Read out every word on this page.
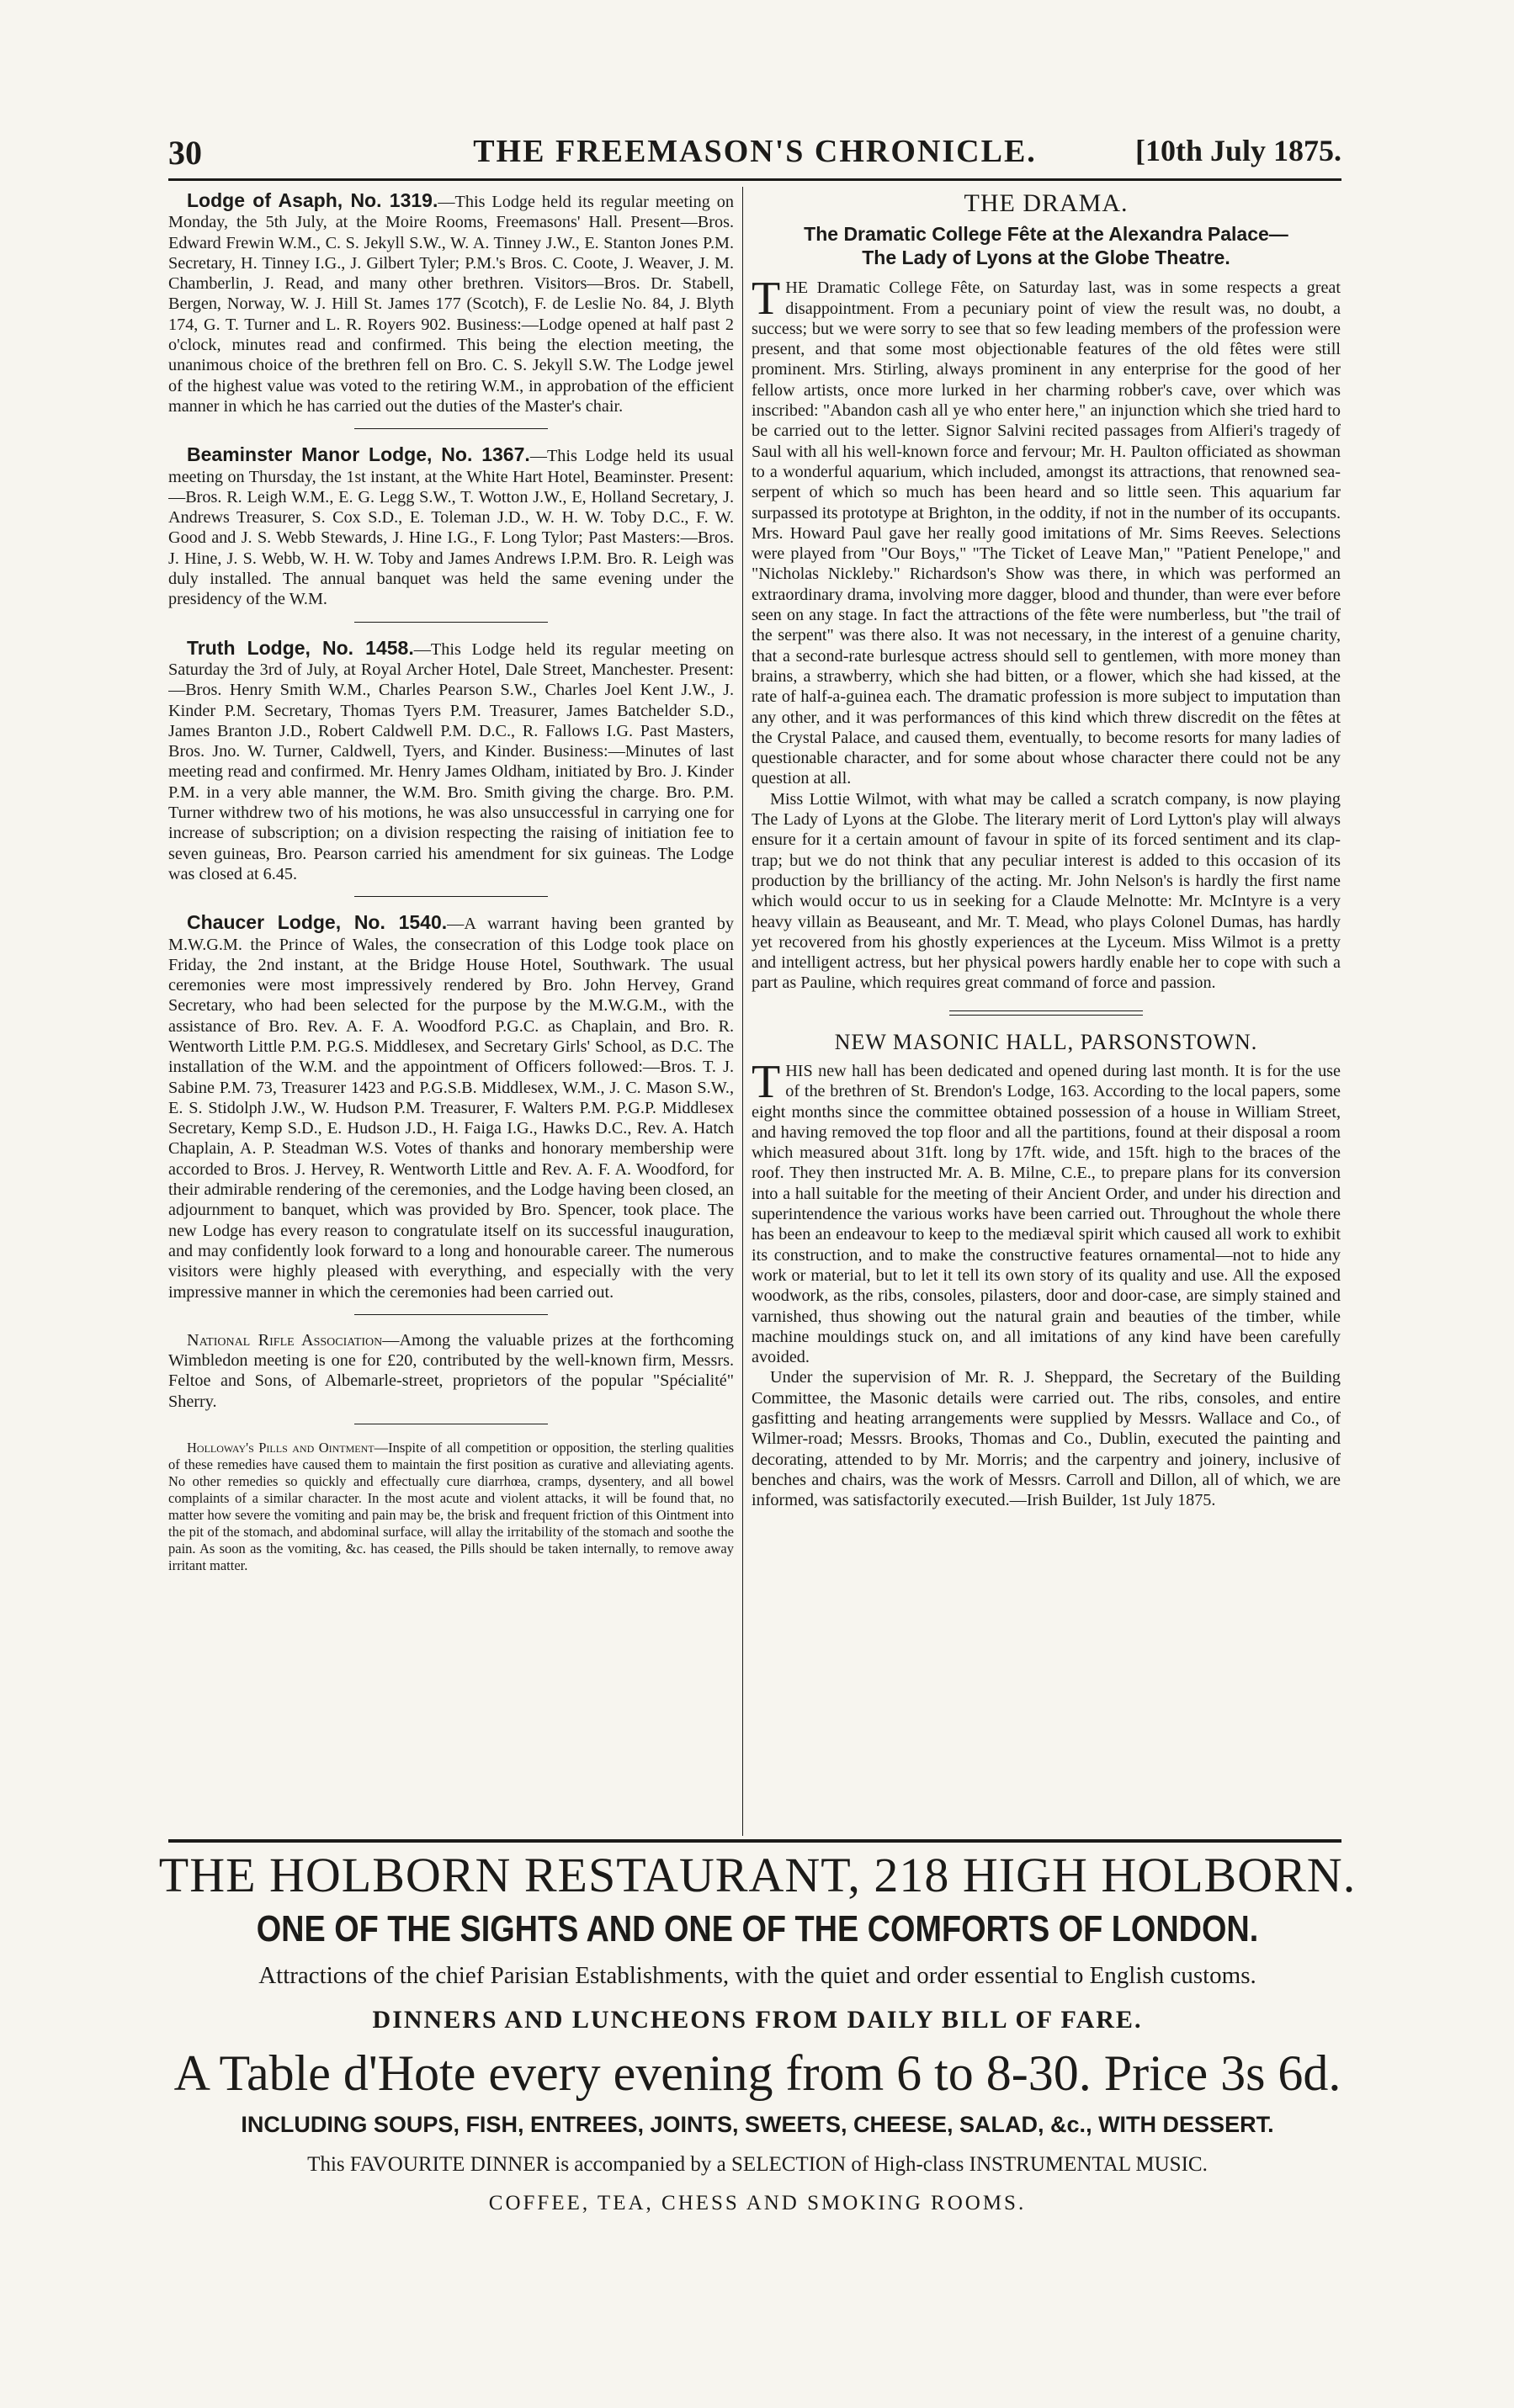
30	THE FREEMASON'S CHRONICLE.	[10th July 1875.

Lodge of Asaph, No. 1319.—This Lodge held its regular meeting on Monday, the 5th July, at the Moire Rooms, Freemasons' Hall. Present—Bros. Edward Frewin W.M., C. S. Jekyll S.W., W. A. Tinney J.W., E. Stanton Jones P.M. Secretary, H. Tinney I.G., J. Gilbert Tyler; P.M.'s Bros. C. Coote, J. Weaver, J. M. Chamberlin, J. Read, and many other brethren. Visitors—Bros. Dr. Stabell, Bergen, Norway, W. J. Hill St. James 177 (Scotch), F. de Leslie No. 84, J. Blyth 174, G. T. Turner and L. R. Royers 902. Business:—Lodge opened at half past 2 o'clock, minutes read and confirmed. This being the election meeting, the unanimous choice of the brethren fell on Bro. C. S. Jekyll S.W. The Lodge jewel of the highest value was voted to the retiring W.M., in approbation of the efficient manner in which he has carried out the duties of the Master's chair.

Beaminster Manor Lodge, No. 1367.—This Lodge held its usual meeting on Thursday, the 1st instant, at the White Hart Hotel, Beaminster. Present:—Bros. R. Leigh W.M., E. G. Legg S.W., T. Wotton J.W., E, Holland Secretary, J. Andrews Treasurer, S. Cox S.D., E. Toleman J.D., W. H. W. Toby D.C., F. W. Good and J. S. Webb Stewards, J. Hine I.G., F. Long Tylor; Past Masters:—Bros. J. Hine, J. S. Webb, W. H. W. Toby and James Andrews I.P.M. Bro. R. Leigh was duly installed. The annual banquet was held the same evening under the presidency of the W.M.

Truth Lodge, No. 1458.—This Lodge held its regular meeting on Saturday the 3rd of July, at Royal Archer Hotel, Dale Street, Manchester. Present:—Bros. Henry Smith W.M., Charles Pearson S.W., Charles Joel Kent J.W., J. Kinder P.M. Secretary, Thomas Tyers P.M. Treasurer, James Batchelder S.D., James Branton J.D., Robert Caldwell P.M. D.C., R. Fallows I.G. Past Masters, Bros. Jno. W. Turner, Caldwell, Tyers, and Kinder. Business:—Minutes of last meeting read and confirmed. Mr. Henry James Oldham, initiated by Bro. J. Kinder P.M. in a very able manner, the W.M. Bro. Smith giving the charge. Bro. P.M. Turner withdrew two of his motions, he was also unsuccessful in carrying one for increase of subscription; on a division respecting the raising of initiation fee to seven guineas, Bro. Pearson carried his amendment for six guineas. The Lodge was closed at 6.45.

Chaucer Lodge, No. 1540.—A warrant having been granted by M.W.G.M. the Prince of Wales, the consecration of this Lodge took place on Friday, the 2nd instant, at the Bridge House Hotel, Southwark. The usual ceremonies were most impressively rendered by Bro. John Hervey, Grand Secretary, who had been selected for the purpose by the M.W.G.M., with the assistance of Bro. Rev. A. F. A. Woodford P.G.C. as Chaplain, and Bro. R. Wentworth Little P.M. P.G.S. Middlesex, and Secretary Girls' School, as D.C. The installation of the W.M. and the appointment of Officers followed:—Bros. T. J. Sabine P.M. 73, Treasurer 1423 and P.G.S.B. Middlesex, W.M., J. C. Mason S.W., E. S. Stidolph J.W., W. Hudson P.M. Treasurer, F. Walters P.M. P.G.P. Middlesex Secretary, Kemp S.D., E. Hudson J.D., H. Faiga I.G., Hawks D.C., Rev. A. Hatch Chaplain, A. P. Steadman W.S. Votes of thanks and honorary membership were accorded to Bros. J. Hervey, R. Wentworth Little and Rev. A. F. A. Woodford, for their admirable rendering of the ceremonies, and the Lodge having been closed, an adjournment to banquet, which was provided by Bro. Spencer, took place. The new Lodge has every reason to congratulate itself on its successful inauguration, and may confidently look forward to a long and honourable career. The numerous visitors were highly pleased with everything, and especially with the very impressive manner in which the ceremonies had been carried out.

National Rifle Association—Among the valuable prizes at the forthcoming Wimbledon meeting is one for £20, contributed by the well-known firm, Messrs. Feltoe and Sons, of Albemarle-street, proprietors of the popular "Spécialité" Sherry.

Holloway's Pills and Ointment—Inspite of all competition or opposition, the sterling qualities of these remedies have caused them to maintain the first position as curative and alleviating agents. No other remedies so quickly and effectually cure diarrhœa, cramps, dysentery, and all bowel complaints of a similar character. In the most acute and violent attacks, it will be found that, no matter how severe the vomiting and pain may be, the brisk and frequent friction of this Ointment into the pit of the stomach, and abdominal surface, will allay the irritability of the stomach and soothe the pain. As soon as the vomiting, &c. has ceased, the Pills should be taken internally, to remove away irritant matter.

THE DRAMA.
The Dramatic College Fête at the Alexandra Palace—
The Lady of Lyons at the Globe Theatre.

THE Dramatic College Fête, on Saturday last, was in some respects a great disappointment. From a pecuniary point of view the result was, no doubt, a success; but we were sorry to see that so few leading members of the profession were present, and that some most objectionable features of the old fêtes were still prominent. Mrs. Stirling, always prominent in any enterprise for the good of her fellow artists, once more lurked in her charming robber's cave, over which was inscribed: "Abandon cash all ye who enter here," an injunction which she tried hard to be carried out to the letter. Signor Salvini recited passages from Alfieri's tragedy of Saul with all his well-known force and fervour; Mr. H. Paulton officiated as showman to a wonderful aquarium, which included, amongst its attractions, that renowned sea-serpent of which so much has been heard and so little seen. This aquarium far surpassed its prototype at Brighton, in the oddity, if not in the number of its occupants. Mrs. Howard Paul gave her really good imitations of Mr. Sims Reeves. Selections were played from "Our Boys," "The Ticket of Leave Man," "Patient Penelope," and "Nicholas Nickleby." Richardson's Show was there, in which was performed an extraordinary drama, involving more dagger, blood and thunder, than were ever before seen on any stage. In fact the attractions of the fête were numberless, but "the trail of the serpent" was there also. It was not necessary, in the interest of a genuine charity, that a second-rate burlesque actress should sell to gentlemen, with more money than brains, a strawberry, which she had bitten, or a flower, which she had kissed, at the rate of half-a-guinea each. The dramatic profession is more subject to imputation than any other, and it was performances of this kind which threw discredit on the fêtes at the Crystal Palace, and caused them, eventually, to become resorts for many ladies of questionable character, and for some about whose character there could not be any question at all.

Miss Lottie Wilmot, with what may be called a scratch company, is now playing The Lady of Lyons at the Globe. The literary merit of Lord Lytton's play will always ensure for it a certain amount of favour in spite of its forced sentiment and its clap-trap; but we do not think that any peculiar interest is added to this occasion of its production by the brilliancy of the acting. Mr. John Nelson's is hardly the first name which would occur to us in seeking for a Claude Melnotte: Mr. McIntyre is a very heavy villain as Beauseant, and Mr. T. Mead, who plays Colonel Dumas, has hardly yet recovered from his ghostly experiences at the Lyceum. Miss Wilmot is a pretty and intelligent actress, but her physical powers hardly enable her to cope with such a part as Pauline, which requires great command of force and passion.

NEW MASONIC HALL, PARSONSTOWN.

THIS new hall has been dedicated and opened during last month. It is for the use of the brethren of St. Brendon's Lodge, 163. According to the local papers, some eight months since the committee obtained possession of a house in William Street, and having removed the top floor and all the partitions, found at their disposal a room which measured about 31ft. long by 17ft. wide, and 15ft. high to the braces of the roof. They then instructed Mr. A. B. Milne, C.E., to prepare plans for its conversion into a hall suitable for the meeting of their Ancient Order, and under his direction and superintendence the various works have been carried out. Throughout the whole there has been an endeavour to keep to the mediæval spirit which caused all work to exhibit its construction, and to make the constructive features ornamental—not to hide any work or material, but to let it tell its own story of its quality and use. All the exposed woodwork, as the ribs, consoles, pilasters, door and door-case, are simply stained and varnished, thus showing out the natural grain and beauties of the timber, while machine mouldings stuck on, and all imitations of any kind have been carefully avoided.

Under the supervision of Mr. R. J. Sheppard, the Secretary of the Building Committee, the Masonic details were carried out. The ribs, consoles, and entire gasfitting and heating arrangements were supplied by Messrs. Wallace and Co., of Wilmer-road; Messrs. Brooks, Thomas and Co., Dublin, executed the painting and decorating, attended to by Mr. Morris; and the carpentry and joinery, inclusive of benches and chairs, was the work of Messrs. Carroll and Dillon, all of which, we are informed, was satisfactorily executed.—Irish Builder, 1st July 1875.

THE HOLBORN RESTAURANT, 218 HIGH HOLBORN.
ONE OF THE SIGHTS AND ONE OF THE COMFORTS OF LONDON.
Attractions of the chief Parisian Establishments, with the quiet and order essential to English customs.
DINNERS AND LUNCHEONS FROM DAILY BILL OF FARE.
A Table d'Hote every evening from 6 to 8-30. Price 3s 6d.
INCLUDING SOUPS, FISH, ENTREES, JOINTS, SWEETS, CHEESE, SALAD, &c., WITH DESSERT.
This FAVOURITE DINNER is accompanied by a SELECTION of High-class INSTRUMENTAL MUSIC.
COFFEE, TEA, CHESS AND SMOKING ROOMS.
